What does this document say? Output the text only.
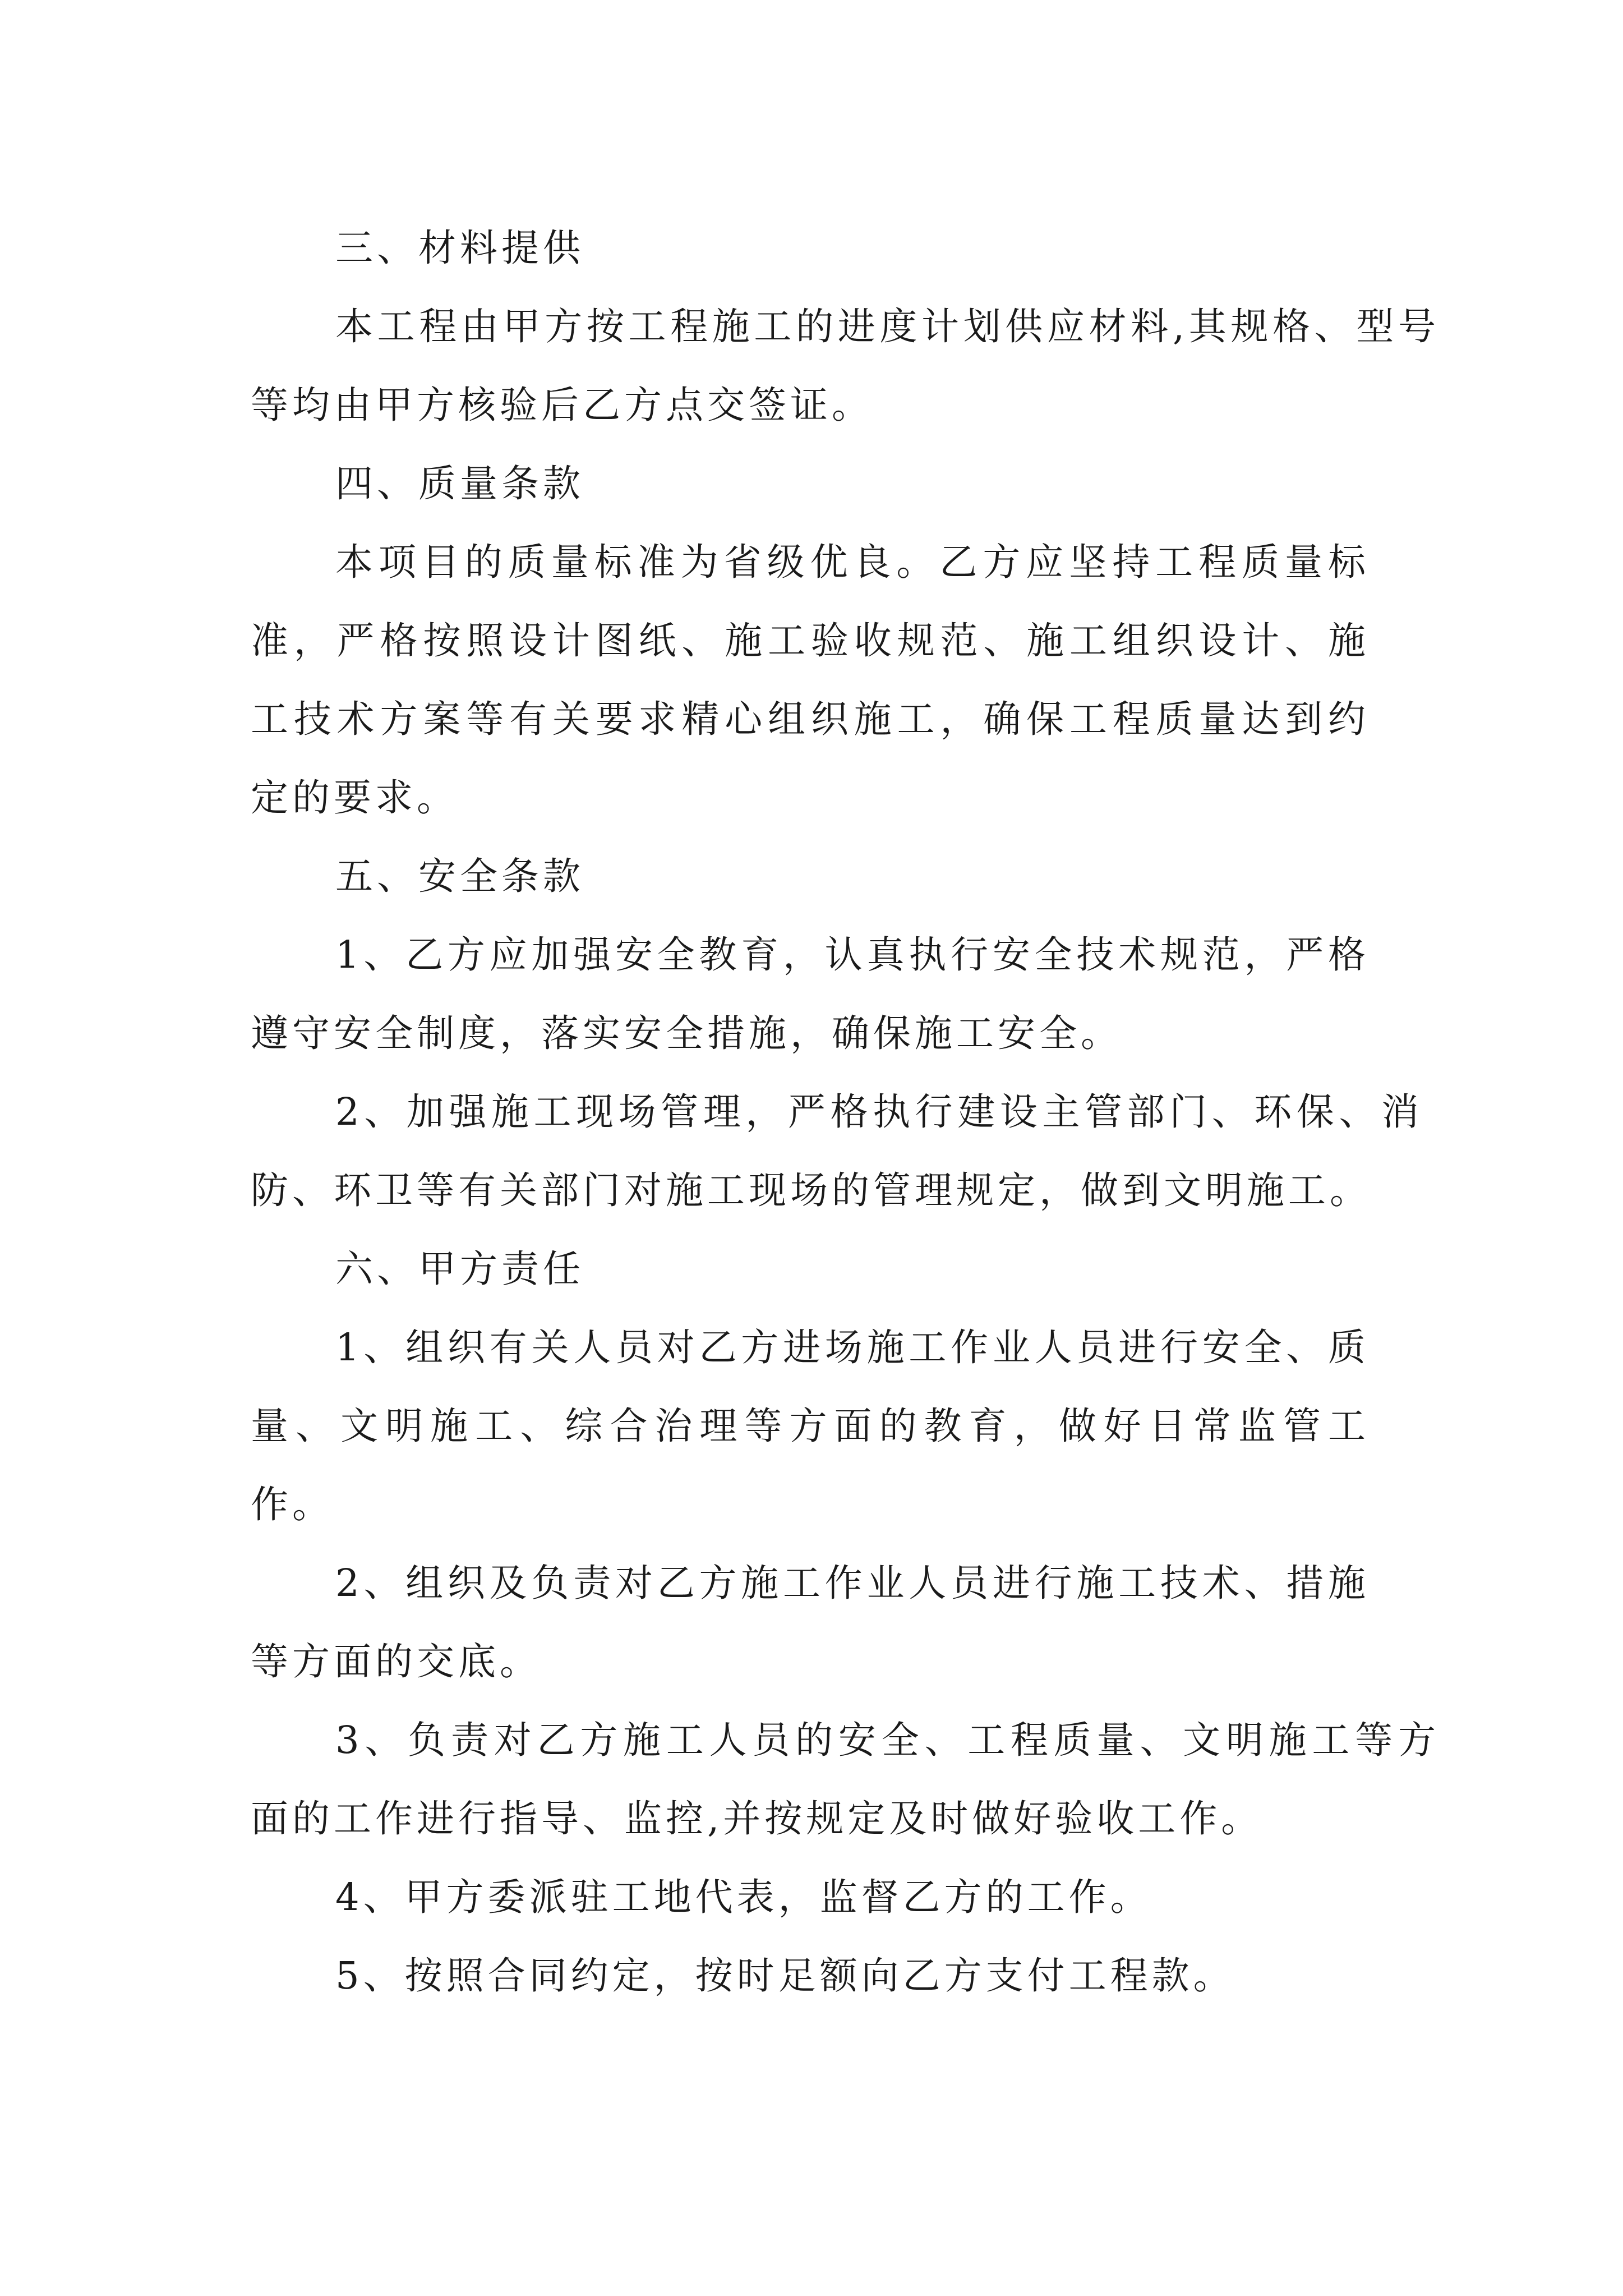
三、材料提供

本工程由甲方按工程施工的进度计划供应材料,其规格、型号等均由甲方核验后乙方点交签证。

四、质量条款

本项目的质量标准为省级优良。乙方应坚持工程质量标准，严格按照设计图纸、施工验收规范、施工组织设计、施工技术方案等有关要求精心组织施工，确保工程质量达到约定的要求。

五、安全条款

1、乙方应加强安全教育，认真执行安全技术规范，严格遵守安全制度，落实安全措施，确保施工安全。

2、加强施工现场管理，严格执行建设主管部门、环保、消防、环卫等有关部门对施工现场的管理规定，做到文明施工。

六、甲方责任

1、组织有关人员对乙方进场施工作业人员进行安全、质量、文明施工、综合治理等方面的教育，做好日常监管工作。

2、组织及负责对乙方施工作业人员进行施工技术、措施等方面的交底。

3、负责对乙方施工人员的安全、工程质量、文明施工等方面的工作进行指导、监控,并按规定及时做好验收工作。

4、甲方委派驻工地代表，监督乙方的工作。

5、按照合同约定，按时足额向乙方支付工程款。
